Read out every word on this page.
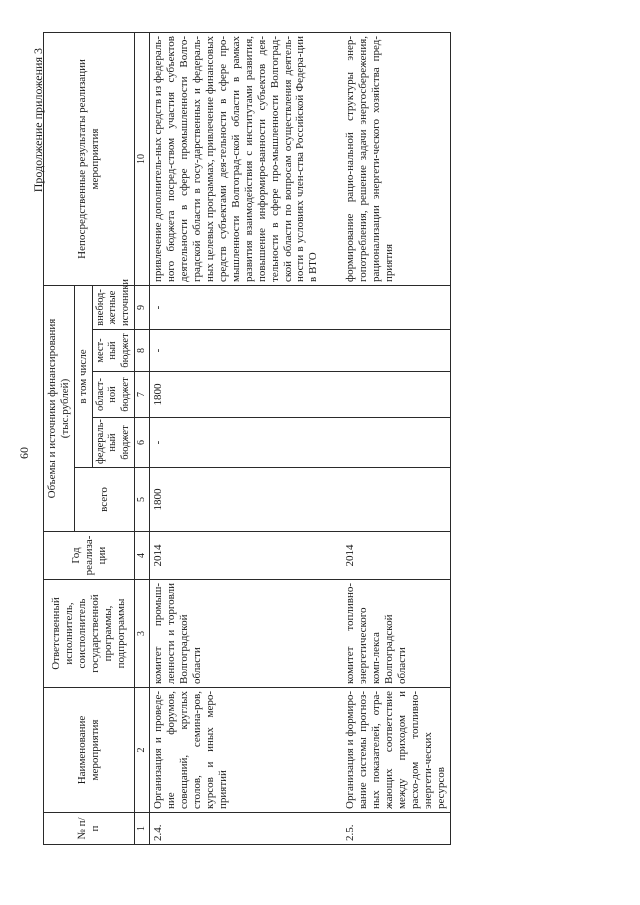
60
Продолжение приложения 3
№ п/п	Наименование мероприятия	Ответственный исполнитель, соисполнитель государственной программы, подпрограммы	Год реализа-ции	Объемы и источники финансирования (тыс.рублей)					Непосредственные результаты реализации мероприятия
				всего	в том числе				
					федераль-ный бюджет	област-ной бюджет	мест-ный бюджет	внебюд-жетные источники	
1	2	3	4	5	6	7	8	9	10
2.4.	Организация и проведе-ние форумов, совещаний, круглых столов, семина-ров, курсов и иных меро-приятий	комитет промыш-ленности и торговли Волгоградской области	2014	1800	-	1800	-	-	привлечение дополнитель-ных средств из федераль-ного бюджета посред-ством участия субъектов деятельности в сфере промышленности Волго-градской области в госу-дарственных и федераль-ных целевых программах, привлечение финансовых средств субъектами дея-тельности в сфере про-мышленности Волгоград-ской области в рамках развития взаимодействия с институтами развития, повышение информиро-ванности субъектов дея-тельности в сфере про-мышленности Волгоград-ской области по вопросам осуществления деятель-ности в условиях член-ства Российской Федера-ции в ВТО
2.5.	Организация и формиро-вание системы прогноз-ных показателей, отра-жающих соответствие между приходом и расхо-дом топливно-энергети-ческих ресурсов	комитет топливно-энергетического комп-лекса Волгоградской области	2014						формирование рацио-нальной структуры энер-гопотребления, решение задачи энергосбережения, рационализации энергети-ческого хозяйства пред-приятия
